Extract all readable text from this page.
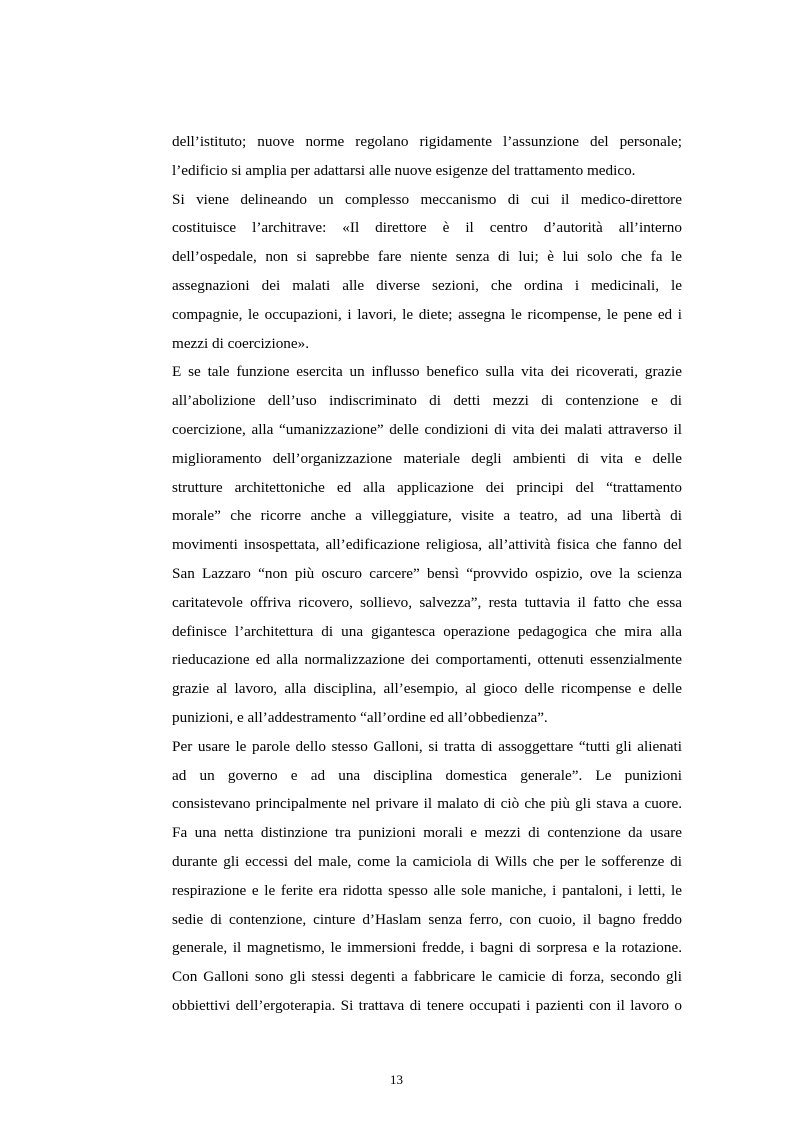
dell’istituto; nuove norme regolano rigidamente l’assunzione del personale;
l’edificio si amplia per adattarsi alle nuove esigenze del trattamento medico.
Si viene delineando un complesso meccanismo di cui il medico-direttore
costituisce l’architrave: «Il direttore è il centro d’autorità all’interno
dell’ospedale, non si saprebbe fare niente senza di lui; è lui solo che fa le
assegnazioni dei malati alle diverse sezioni, che ordina i medicinali, le
compagnie, le occupazioni, i lavori, le diete; assegna le ricompense, le pene ed i
mezzi di coercizione».
E se tale funzione esercita un influsso benefico sulla vita dei ricoverati, grazie
all’abolizione dell’uso indiscriminato di detti mezzi di contenzione e di
coercizione, alla “umanizzazione” delle condizioni di vita dei malati attraverso il
miglioramento dell’organizzazione materiale degli ambienti di vita e delle
strutture architettoniche ed alla applicazione dei principi del “trattamento
morale” che ricorre anche a villeggiature, visite a teatro, ad una libertà di
movimenti insospettata, all’edificazione religiosa, all’attività fisica che fanno del
San Lazzaro “non più oscuro carcere” bensì “provvido ospizio, ove la scienza
caritatevole offriva ricovero, sollievo, salvezza”, resta tuttavia il fatto che essa
definisce l’architettura di una gigantesca operazione pedagogica che mira alla
rieducazione ed alla normalizzazione dei comportamenti, ottenuti essenzialmente
grazie al lavoro, alla disciplina, all’esempio, al gioco delle ricompense e delle
punizioni, e all’addestramento “all’ordine ed all’obbedienza”.
Per usare le parole dello stesso Galloni, si tratta di assoggettare “tutti gli alienati
ad un governo e ad una disciplina domestica generale”. Le punizioni
consistevano principalmente nel privare il malato di ciò che più gli stava a cuore.
Fa una netta distinzione tra punizioni morali e mezzi di contenzione da usare
durante gli eccessi del male, come la camiciola di Wills che per le sofferenze di
respirazione e le ferite era ridotta spesso alle sole maniche, i pantaloni, i letti, le
sedie di contenzione, cinture d’Haslam senza ferro, con cuoio, il bagno freddo
generale, il magnetismo, le immersioni fredde, i bagni di sorpresa e la rotazione.
Con Galloni sono gli stessi degenti a fabbricare le camicie di forza, secondo gli
obbiettivi dell’ergoterapia. Si trattava di tenere occupati i pazienti con il lavoro o
13
